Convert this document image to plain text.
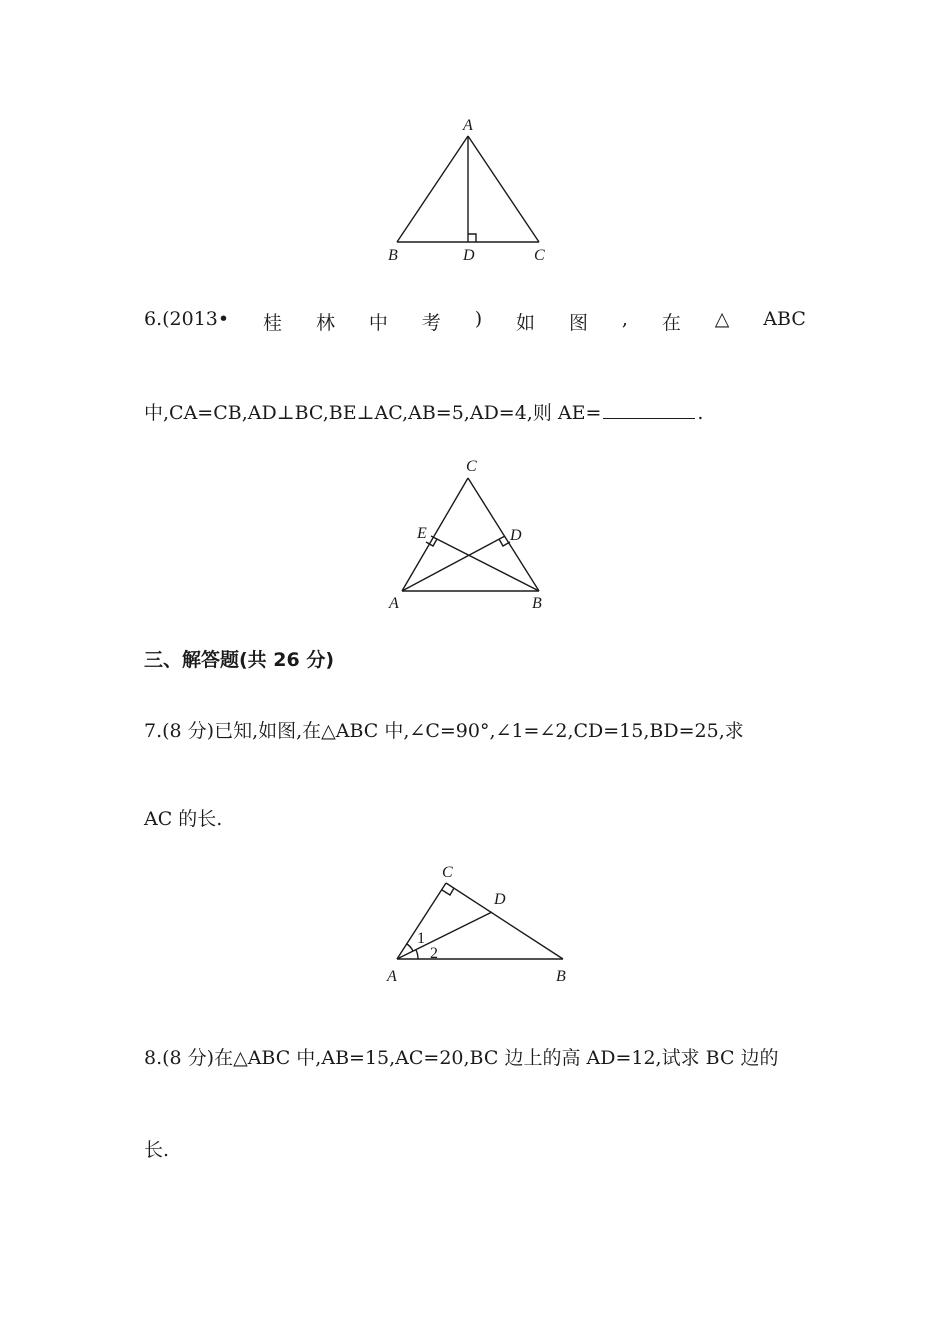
A
B	D	C
6.(2013• 桂 林 中 考 ) 如 图 , 在 △ ABC
中,CA=CB,AD⊥BC,BE⊥AC,AB=5,AD=4,则 AE=	.
C
E	D
A	B
三、解答题(共 26 分)
7.(8 分)已知,如图,在△ABC 中,∠C=90°,∠1=∠2,CD=15,BD=25,求
AC 的长.
C
D
1
2
A	B
8.(8 分)在△ABC 中,AB=15,AC=20,BC 边上的高 AD=12,试求 BC 边的
长.
